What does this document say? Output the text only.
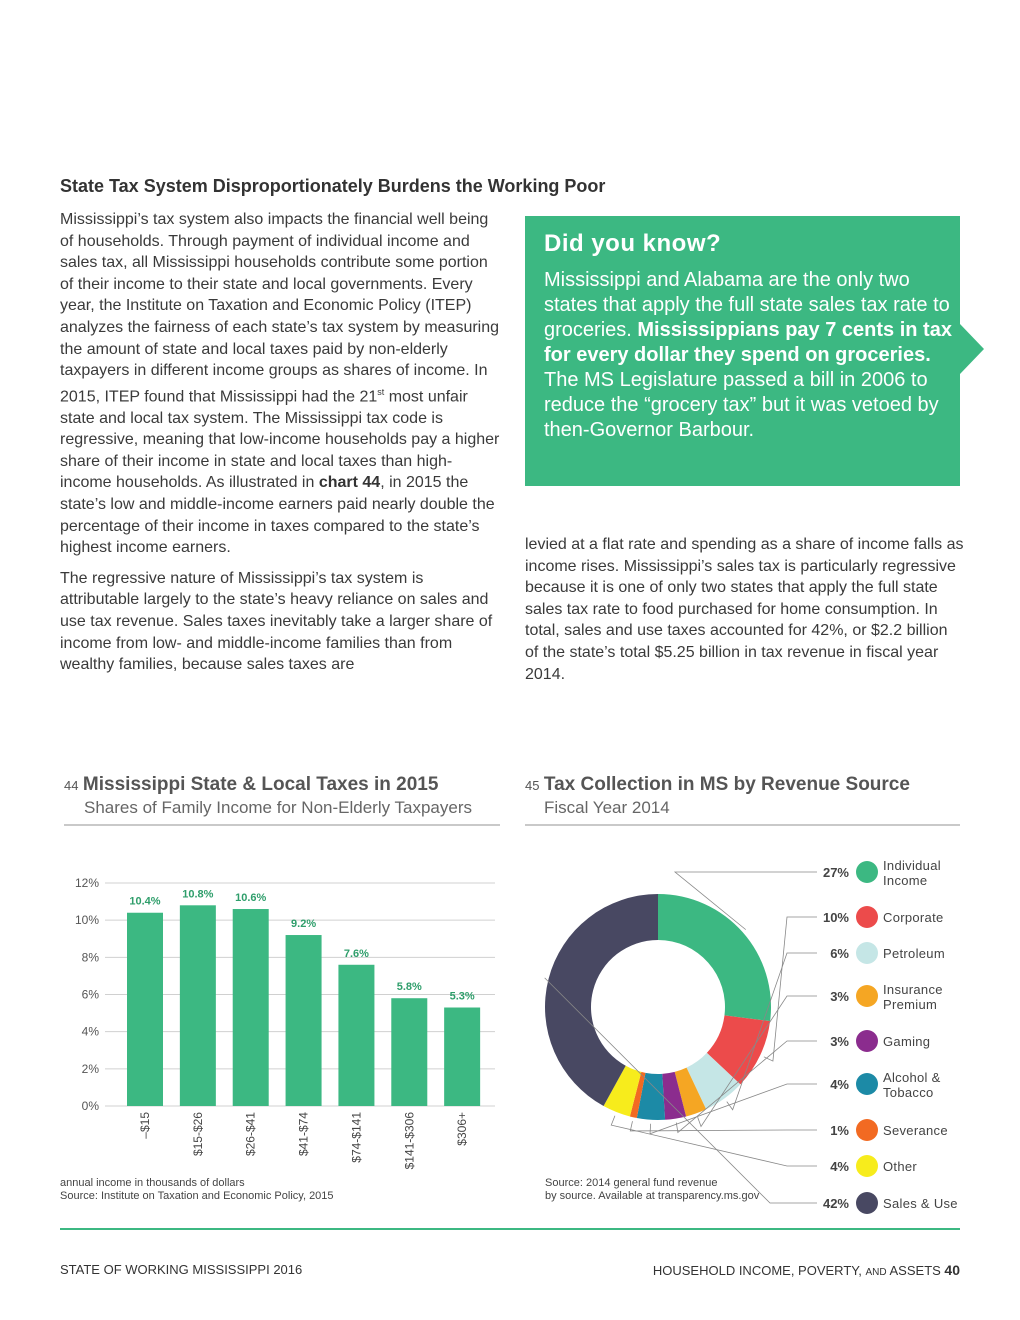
State Tax System Disproportionately Burdens the Working Poor

Mississippi’s tax system also impacts the financial well being of households. Through payment of individual income and sales tax, all Mississippi households contribute some portion of their income to their state and local governments. Every year, the Institute on Taxation and Economic Policy (ITEP) analyzes the fairness of each state’s tax system by measuring the amount of state and local taxes paid by non-elderly taxpayers in different income groups as shares of income. In 2015, ITEP found that Mississippi had the 21st most unfair state and local tax system. The Mississippi tax code is regressive, meaning that low-income households pay a higher share of their income in state and local taxes than high-income households. As illustrated in chart 44, in 2015 the state’s low and middle-income earners paid nearly double the percentage of their income in taxes compared to the state’s highest income earners.

The regressive nature of Mississippi’s tax system is attributable largely to the state’s heavy reliance on sales and use tax revenue. Sales taxes inevitably take a larger share of income from low- and middle-income families than from wealthy families, because sales taxes are

Did you know?
Mississippi and Alabama are the only two states that apply the full state sales tax rate to groceries. Mississippians pay 7 cents in tax for every dollar they spend on groceries. The MS Legislature passed a bill in 2006 to reduce the “grocery tax” but it was vetoed by then-Governor Barbour.

levied at a flat rate and spending as a share of income falls as income rises. Mississippi’s sales tax is particularly regressive because it is one of only two states that apply the full state sales tax rate to food purchased for home consumption. In total, sales and use taxes accounted for 42%, or $2.2 billion of the state’s total $5.25 billion in tax revenue in fiscal year 2014.

44 Mississippi State & Local Taxes in 2015
Shares of Family Income for Non-Elderly Taxpayers
0%
2%
4%
6%
8%
10%
12%
10.4%
–$15
10.8%
$15-$26
10.6%
$26-$41
9.2%
$41-$74
7.6%
$74-$141
5.8%
$141-$306
5.3%
$306+
annual income in thousands of dollars
Source: Institute on Taxation and Economic Policy, 2015
45 Tax Collection in MS by Revenue Source
Fiscal Year 2014
27%	Individual
Income
10%	Corporate
6%	Petroleum
3%	Insurance
Premium
3%	Gaming
4%	Alcohol &
Tobacco
1%	Severance
4%	Other
42%	Sales & Use
Source: 2014 general fund revenue
by source. Available at transparency.ms.gov
STATE OF WORKING MISSISSIPPI 2016	HOUSEHOLD INCOME, POVERTY, AND ASSETS 40
